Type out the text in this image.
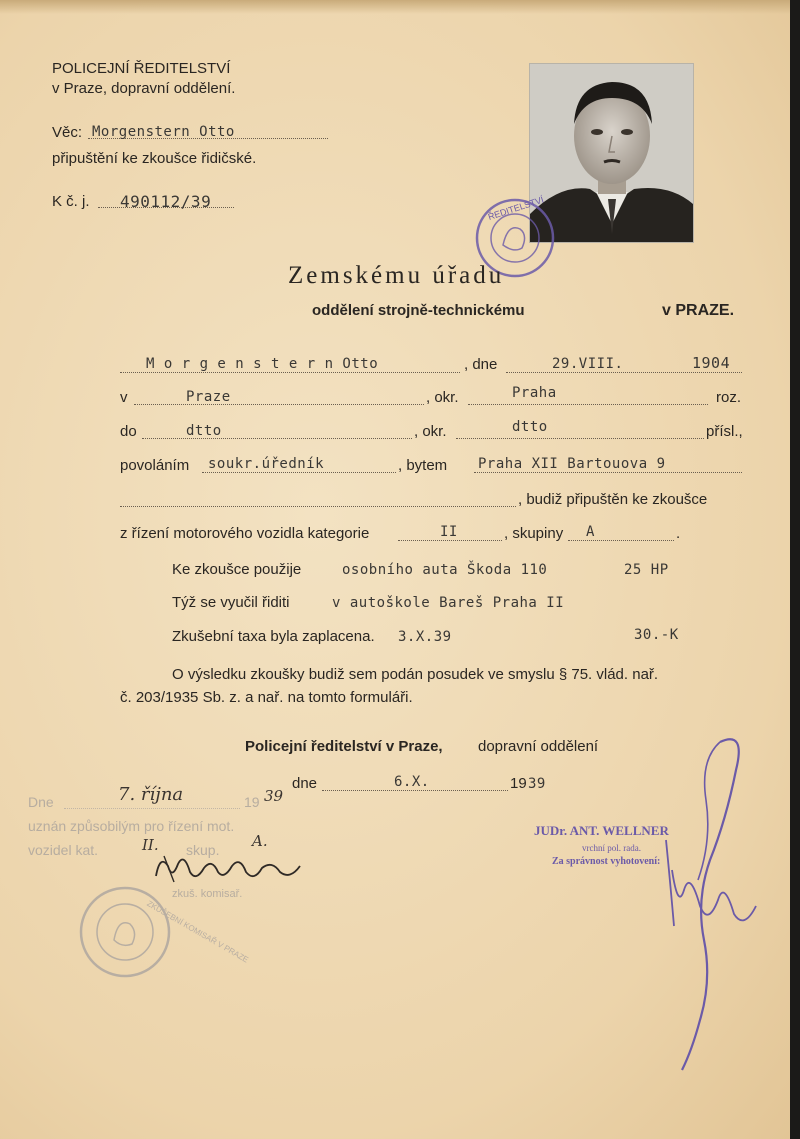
POLICEJNÍ ŘEDITELSTVÍ
v Praze, dopravní oddělení.
Věc: Morgenstern Otto
připuštění ke zkoušce řidičské.
K č. j. 490112/39	ŘEDITELSTVÍ
Zemskému úřadu
oddělení strojně-technickému	v PRAZE.
M o r g e n s t e r n Otto	, dne	29.VIII.	1904
v	Praze	, okr.	Praha	roz.
do	dtto	, okr.	dtto	přísl.,
povoláním soukr.úředník	, bytem Praha XII Bartouova 9
, budiž připuštěn ke zkoušce
z řízení motorového vozidla kategorie	II	, skupiny A	.
Ke zkoušce použije	osobního auta Škoda 110	25 HP
Týž se vyučil řiditi	v autoškole Bareš Praha II
Zkušební taxa byla zaplacena. 3.X.39	30.-K
O výsledku zkoušky budiž sem podán posudek ve smyslu § 75. vlád. nař.
č. 203/1935 Sb. z. a nař. na tomto formuláři.
Policejní ředitelství v Praze, dopravní oddělení
dne	6.X.	19 39
Dne	7. října	19 39
uznán způsobilým pro řízení mot.
vozidel kat.	II. skup. A.
zkuš. komisař.
ZKUŠEBNÍ KOMISAŘ V PRAZE
JUDr. ANT. WELLNER
vrchní pol. rada.
Za správnost vyhotovení:
